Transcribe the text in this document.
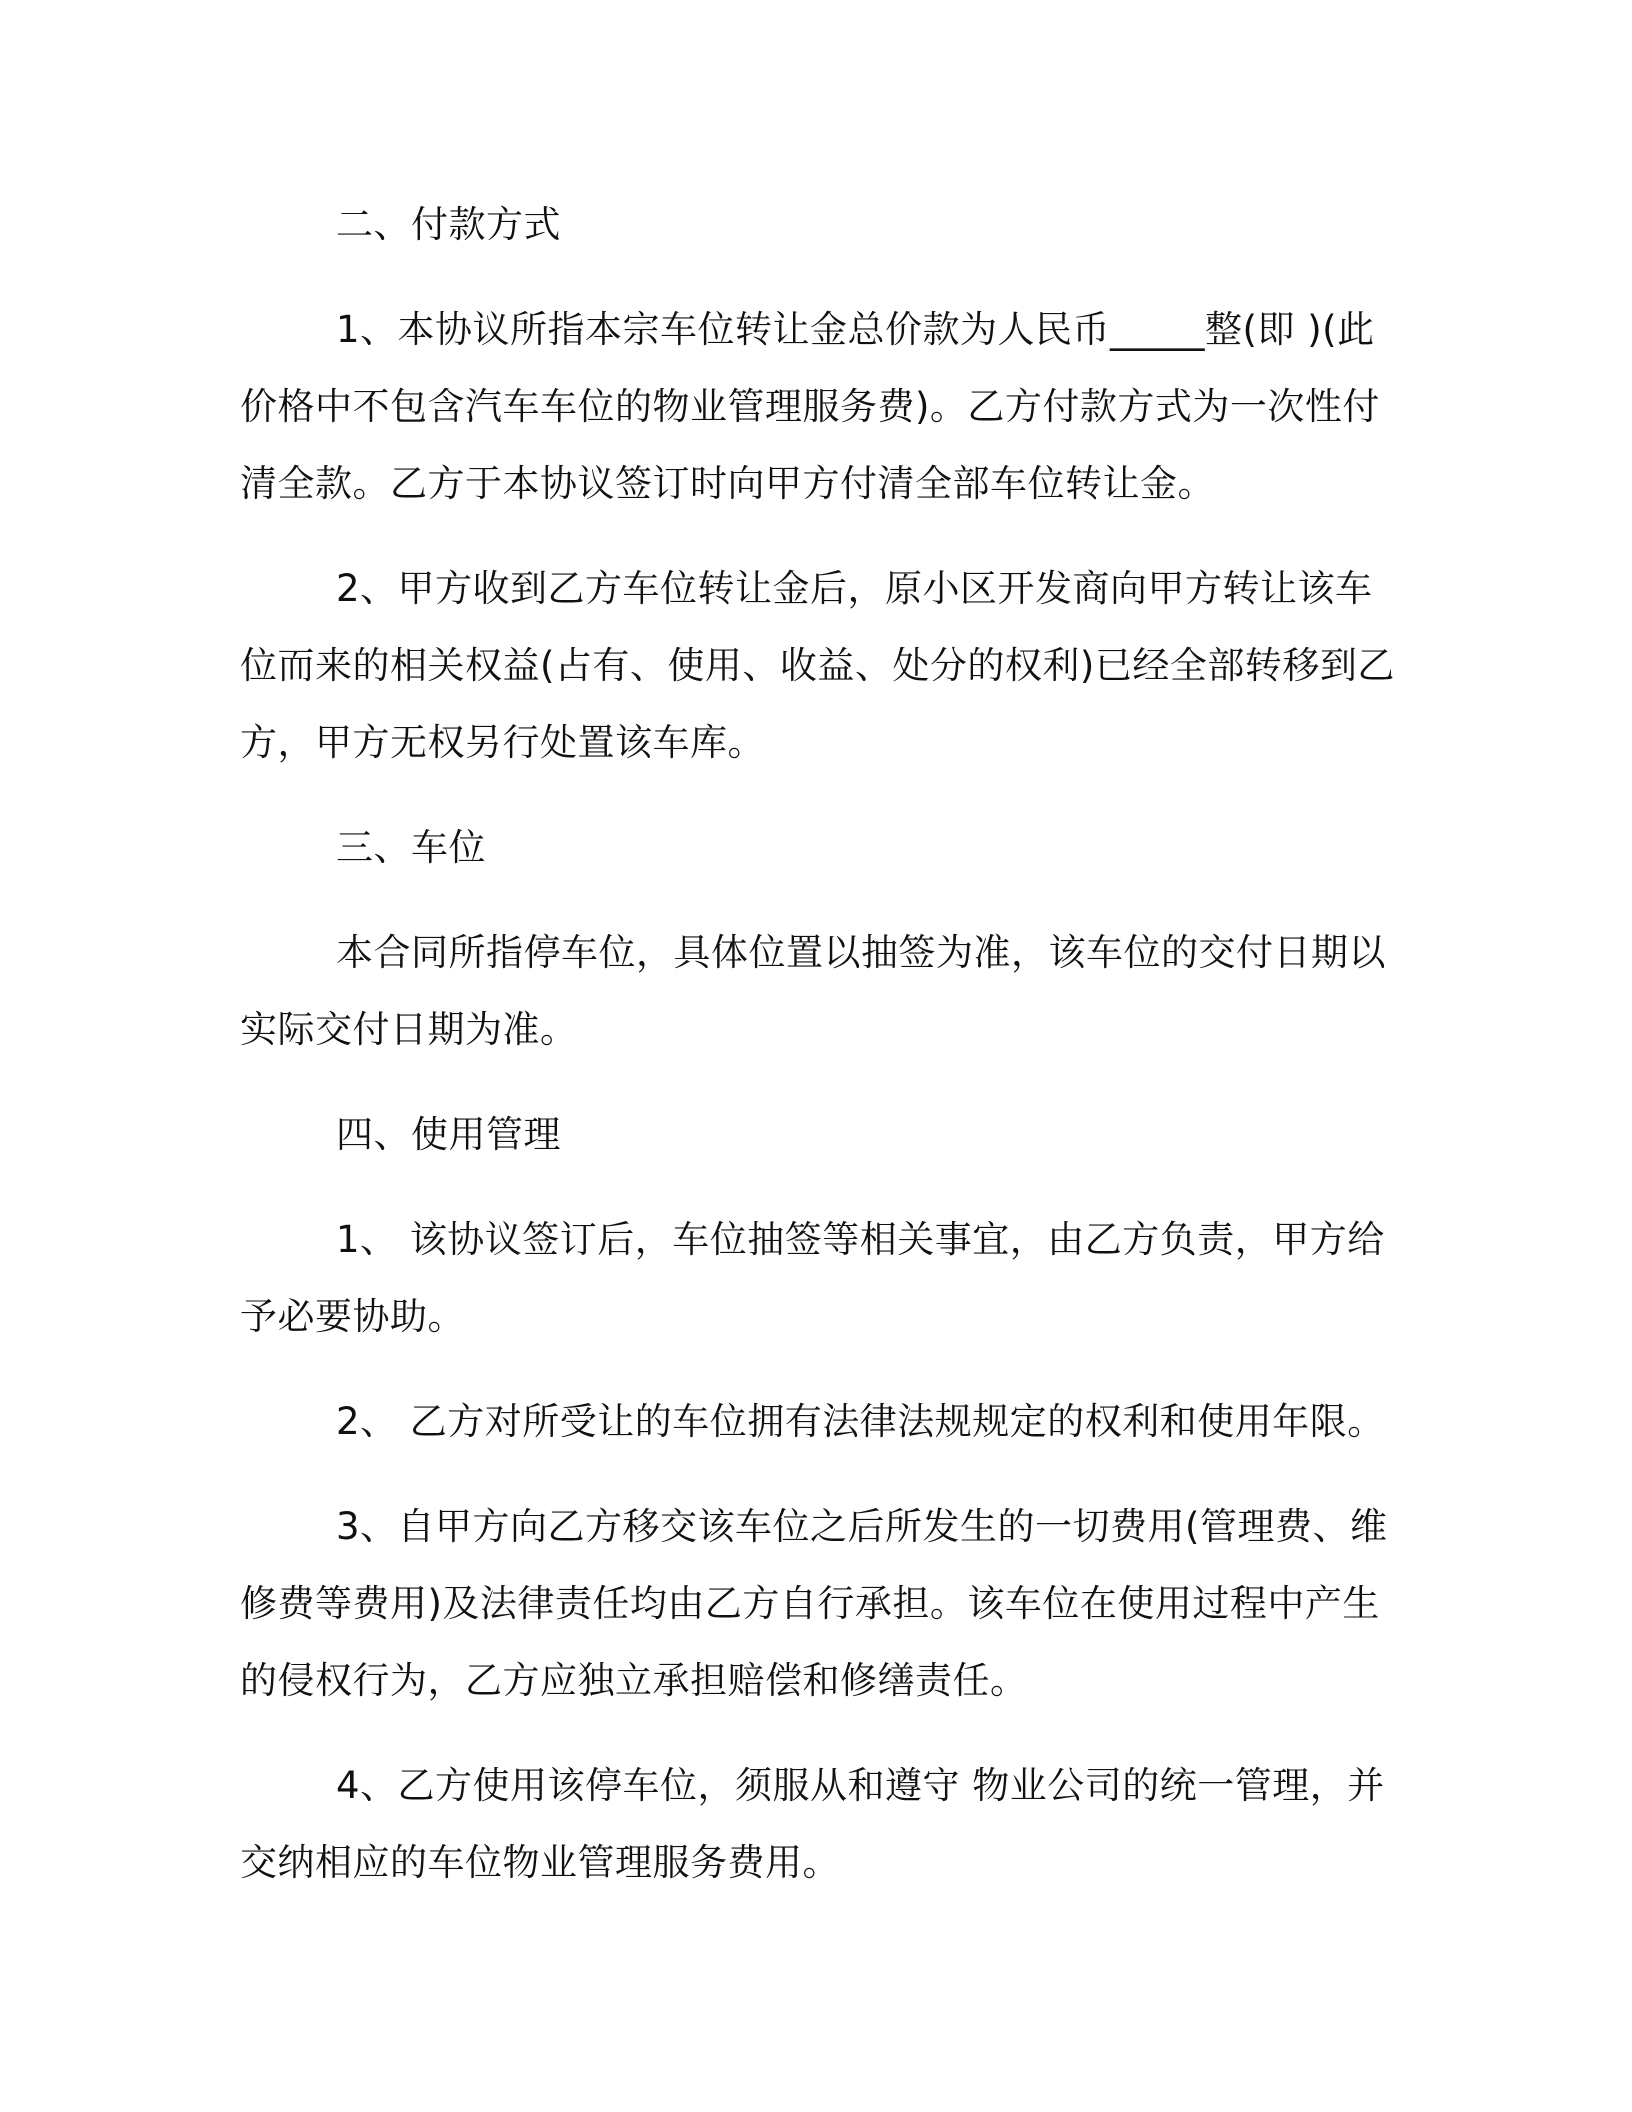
二、付款方式

1、本协议所指本宗车位转让金总价款为人民币_____整(即 )(此
价格中不包含汽车车位的物业管理服务费)。乙方付款方式为一次性付
清全款。乙方于本协议签订时向甲方付清全部车位转让金。

2、甲方收到乙方车位转让金后，原小区开发商向甲方转让该车
位而来的相关权益(占有、使用、收益、处分的权利)已经全部转移到乙
方，甲方无权另行处置该车库。

三、车位

本合同所指停车位，具体位置以抽签为准，该车位的交付日期以
实际交付日期为准。

四、使用管理

1、 该协议签订后，车位抽签等相关事宜，由乙方负责，甲方给
予必要协助。

2、 乙方对所受让的车位拥有法律法规规定的权利和使用年限。

3、自甲方向乙方移交该车位之后所发生的一切费用(管理费、维
修费等费用)及法律责任均由乙方自行承担。该车位在使用过程中产生
的侵权行为，乙方应独立承担赔偿和修缮责任。

4、乙方使用该停车位，须服从和遵守 物业公司的统一管理，并
交纳相应的车位物业管理服务费用。
